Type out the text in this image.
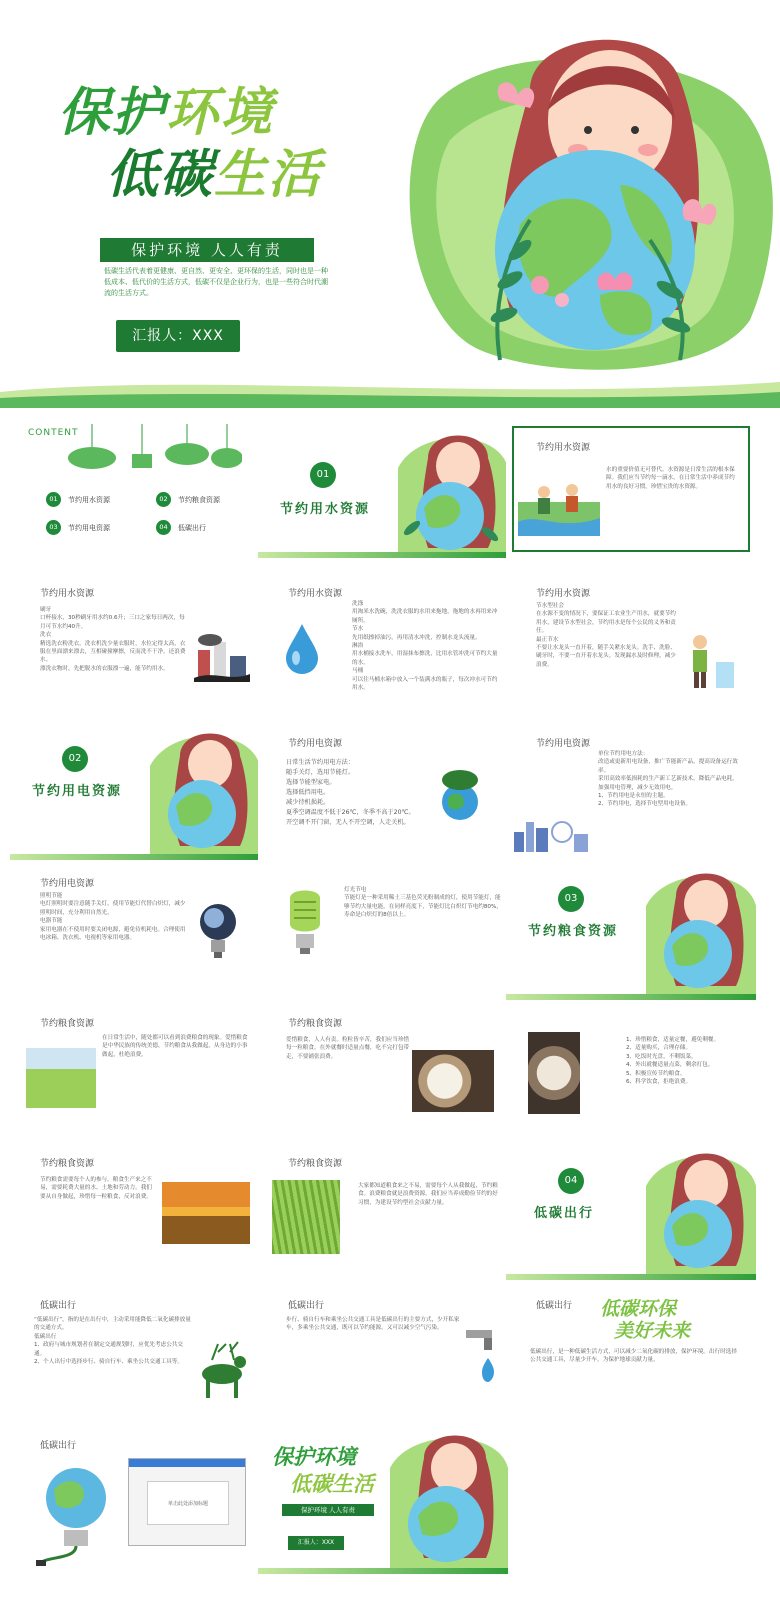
保护环境
低碳生活
保护环境 人人有责
低碳生活代表着更健康、更自然、更安全、更环保的生活，同时也是一种低成本、低代价的生活方式，低碳不仅是企业行为，也是一些符合时代潮流的生活方式。
汇报人：XXX
CONTENT
01	节约用水资源	02	节约粮食资源
03	节约用电资源	04	低碳出行
01
节约用水资源
节约用水资源
水的重要价值无可替代。水资源是日常生活的根本保障。我们应当节约每一滴水，在日常生活中养成节约用水的良好习惯，珍惜宝贵的水资源。
节约用水资源
刷牙
口杯接水，30秒刷牙用水约0.6升；三口之家每日两次，每月可节水约40升。
洗衣
精选洗衣粉洗衣，洗衣机洗少量衣服时，水位定得太高，衣服在里面漂来漂去，互相碰撞摩擦，反而洗不干净，还浪费水。
漂洗衣物时，先把脱水的衣服漂一遍，能节约用水。
节约用水资源
洗涤
用淘米水洗碗，洗洗衣服的水用来拖地，拖地的水再用来冲厕所。
节水
先用纸擦掉油污，再用清水冲洗，控制水龙头流量。
淋浴
用水桶接水洗车，用湿抹布擦洗，比用水管冲洗可节约大量的水。
马桶
可以往马桶水箱中放入一个装满水的瓶子，每次冲水可节约用水。
节约用水资源
节水型社会
在水源不变的情况下，要保证工农业生产用水，就要节约用水，建设节水型社会，节约用水是每个公民的义务和责任。
最正节水
不要让水龙头一直开着，随手关紧水龙头。洗手、洗脸、刷牙时，不要一直开着水龙头。发现漏水及时修理，减少浪费。
02
节约用电资源
节约用电资源
日常生活节约用电方法：
随手关灯，选用节能灯。
选择节能型家电。
选择低挡用电。
减少待机损耗。
夏季空调温度不低于26℃，冬季不高于20℃。
开空调不开门窗，无人不开空调，人走关机。
节约用电资源
单位节约用电方法：
改造或更新用电设备，推广节能新产品，提高设备运行效率。
采用高效率低损耗的生产新工艺新技术，降低产品电耗。
加强用电管理，减少无效用电。
1、节约用电是永恒的主题。
2、节约用电，选择节电型用电设备。
节约用电资源
照明节能
电灯照明时要注意随手关灯，使用节能灯代替白炽灯，减少照明时间，充分利用自然光。
电器节能
家用电器在不使用时要关闭电源，避免待机耗电。合理使用电冰箱、洗衣机、电视机等家用电器。
灯光节电
节能灯是一种采用稀土三基色荧光粉制成的灯，使用节能灯，能够节约大量电能，在同样亮度下，节能灯比白炽灯节电约80%，寿命是白炽灯的8倍以上。
03
节约粮食资源
节约粮食资源
在日常生活中，随处都可以看到浪费粮食的现象。爱惜粮食是中华民族的传统美德，节约粮食从我做起，从身边的小事做起，杜绝浪费。
节约粮食资源
爱惜粮食，人人有责。粒粒皆辛苦，我们应当珍惜每一粒粮食。在外就餐时适量点餐，吃不完打包带走，不要铺张浪费。
1、珍惜粮食，适量定餐，避免剩餐。
2、适量购买，合理存储。
3、吃饭时光盘，不剩饭菜。
4、外出就餐适量点菜，剩余打包。
5、积极宣传节约粮食。
6、科学饮食，拒绝浪费。
节约粮食资源
节约粮食需要每个人的参与。粮食生产来之不易，需要耗费大量的水、土地和劳动力。我们要从自身做起，珍惜每一粒粮食，反对浪费。
节约粮食资源
大家都知道粮食来之不易，需要每个人从我做起，节约粮食。浪费粮食就是浪费资源，我们应当养成勤俭节约的好习惯，为建设节约型社会贡献力量。
04
低碳出行
低碳出行
“低碳出行”，指的是在出行中，主动采用能降低二氧化碳排放量的交通方式。
低碳出行
1、政府与城市规划者在制定交通规划时，应优先考虑公共交通。
2、个人出行中选择步行、骑自行车、乘坐公共交通工具等。
低碳出行
步行、骑自行车和乘坐公共交通工具是低碳出行的主要方式，少开私家车，多乘坐公共交通，既可以节约能源，又可以减少空气污染。
低碳出行 低碳环保
美好未来
低碳出行，是一种低碳生活方式，可以减少二氧化碳的排放，保护环境。出行时选择公共交通工具，尽量少开车，为保护地球贡献力量。
低碳出行
单击此处添加标题
保护环境
低碳生活
保护环境 人人有责
汇报人：XXX
